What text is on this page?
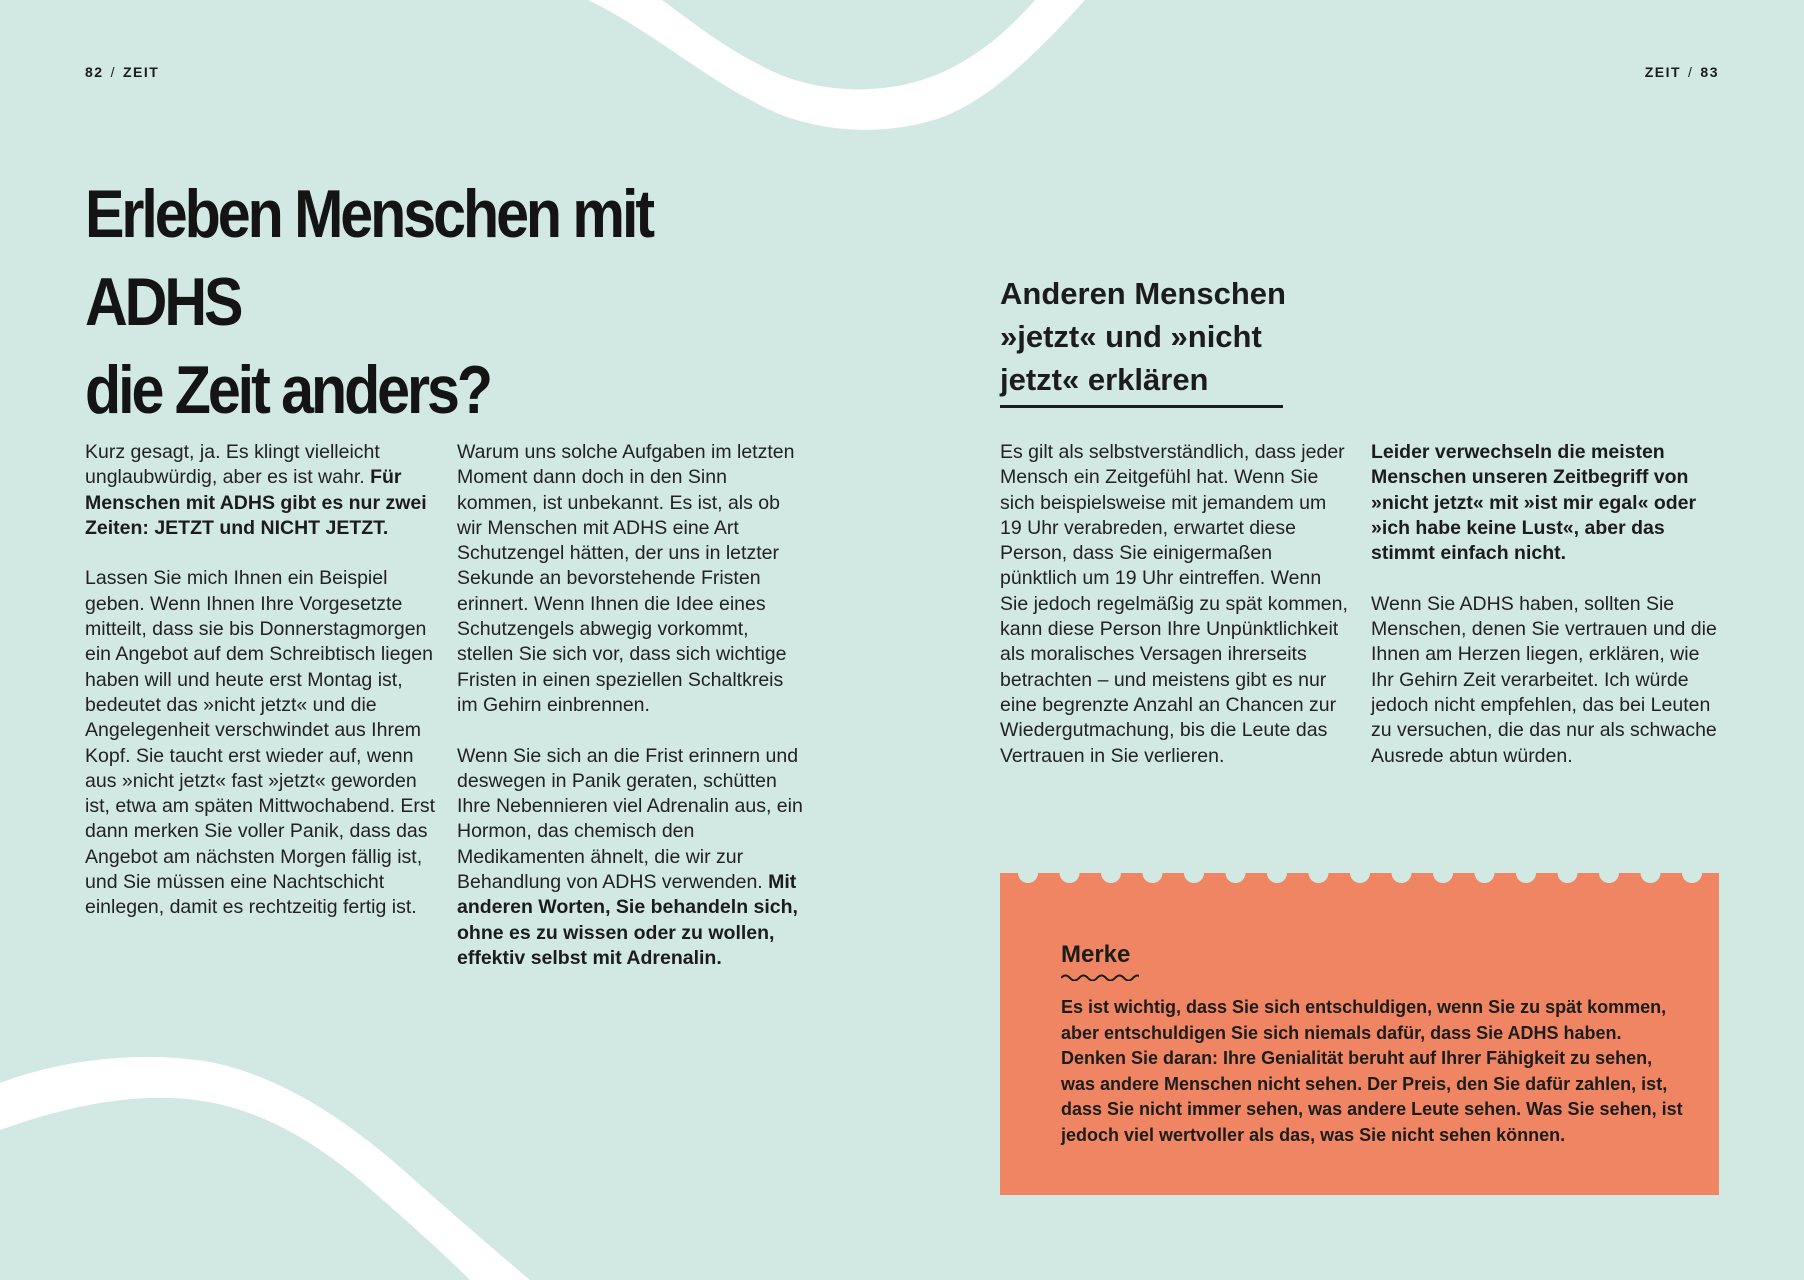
82 / ZEIT	ZEIT / 83
Erleben Menschen mit ADHS
die Zeit anders?
Anderen Menschen
»jetzt« und »nicht
jetzt« erklären

Kurz gesagt, ja. Es klingt vielleicht unglaubwürdig, aber es ist wahr. Für Menschen mit ADHS gibt es nur zwei Zeiten: JETZT und NICHT JETZT.

Lassen Sie mich Ihnen ein Beispiel geben. Wenn Ihnen Ihre Vorgesetzte mitteilt, dass sie bis Donnerstagmorgen ein Angebot auf dem Schreibtisch liegen haben will und heute erst Montag ist, bedeutet das »nicht jetzt« und die Angelegenheit verschwindet aus Ihrem Kopf. Sie taucht erst wieder auf, wenn aus »nicht jetzt« fast »jetzt« geworden ist, etwa am späten Mittwochabend. Erst dann merken Sie voller Panik, dass das Angebot am nächsten Morgen fällig ist, und Sie müssen eine Nachtschicht einlegen, damit es rechtzeitig fertig ist.

Warum uns solche Aufgaben im letzten Moment dann doch in den Sinn kommen, ist unbekannt. Es ist, als ob wir Menschen mit ADHS eine Art Schutzengel hätten, der uns in letzter Sekunde an bevorstehende Fristen erinnert. Wenn Ihnen die Idee eines Schutzengels abwegig vorkommt, stellen Sie sich vor, dass sich wichtige Fristen in einen speziellen Schaltkreis im Gehirn einbrennen.

Wenn Sie sich an die Frist erinnern und deswegen in Panik geraten, schütten Ihre Nebennieren viel Adrenalin aus, ein Hormon, das chemisch den Medikamenten ähnelt, die wir zur Behandlung von ADHS verwenden. Mit anderen Worten, Sie behandeln sich, ohne es zu wissen oder zu wollen, effektiv selbst mit Adrenalin.

Es gilt als selbstverständlich, dass jeder Mensch ein Zeitgefühl hat. Wenn Sie sich beispielsweise mit jemandem um 19 Uhr verabreden, erwartet diese Person, dass Sie einigermaßen pünktlich um 19 Uhr eintreffen. Wenn Sie jedoch regelmäßig zu spät kommen, kann diese Person Ihre Unpünktlichkeit als moralisches Versagen ihrerseits betrachten – und meistens gibt es nur eine begrenzte Anzahl an Chancen zur Wiedergutmachung, bis die Leute das Vertrauen in Sie verlieren.

Leider verwechseln die meisten Menschen unseren Zeitbegriff von »nicht jetzt« mit »ist mir egal« oder »ich habe keine Lust«, aber das stimmt einfach nicht.

Wenn Sie ADHS haben, sollten Sie Menschen, denen Sie vertrauen und die Ihnen am Herzen liegen, erklären, wie Ihr Gehirn Zeit verarbeitet. Ich würde jedoch nicht empfehlen, das bei Leuten zu versuchen, die das nur als schwache Ausrede abtun würden.

Merke
Es ist wichtig, dass Sie sich entschuldigen, wenn Sie zu spät kommen, aber entschuldigen Sie sich niemals dafür, dass Sie ADHS haben. Denken Sie daran: Ihre Genialität beruht auf Ihrer Fähigkeit zu sehen, was andere Menschen nicht sehen. Der Preis, den Sie dafür zahlen, ist, dass Sie nicht immer sehen, was andere Leute sehen. Was Sie sehen, ist jedoch viel wertvoller als das, was Sie nicht sehen können.
